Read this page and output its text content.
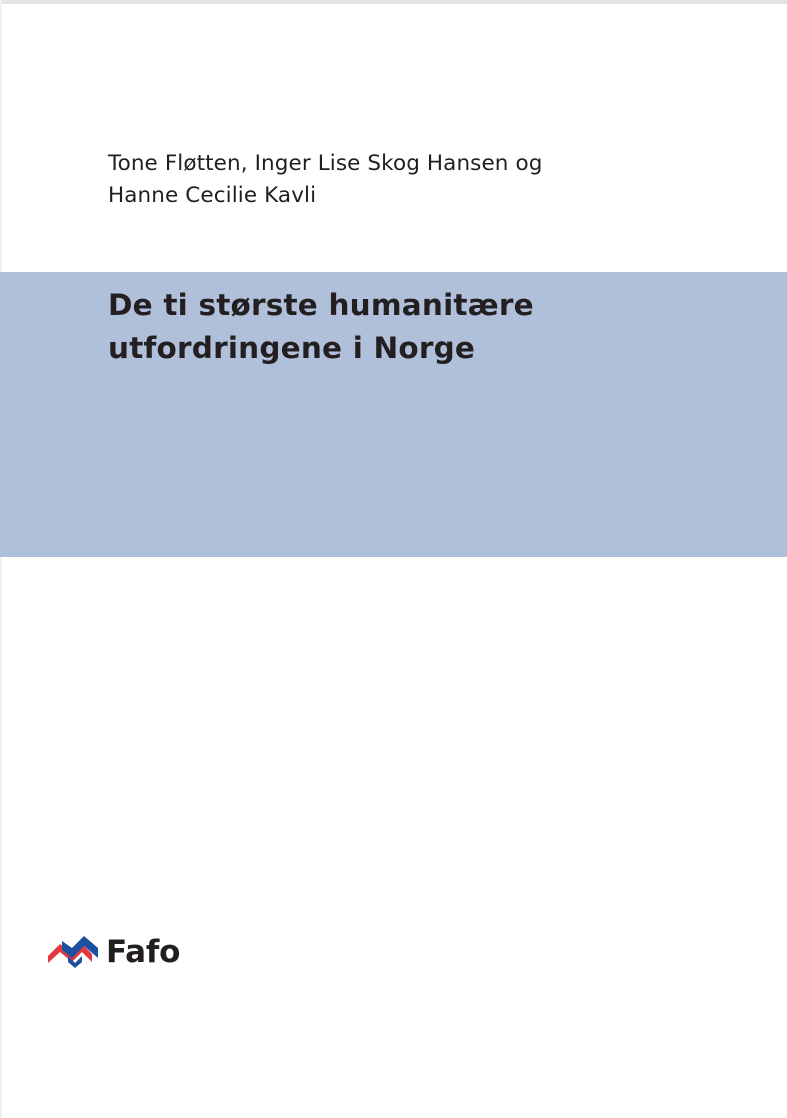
Tone Fløtten, Inger Lise Skog Hansen og
Hanne Cecilie Kavli
De ti største humanitære
utfordringene i Norge
Fafo
